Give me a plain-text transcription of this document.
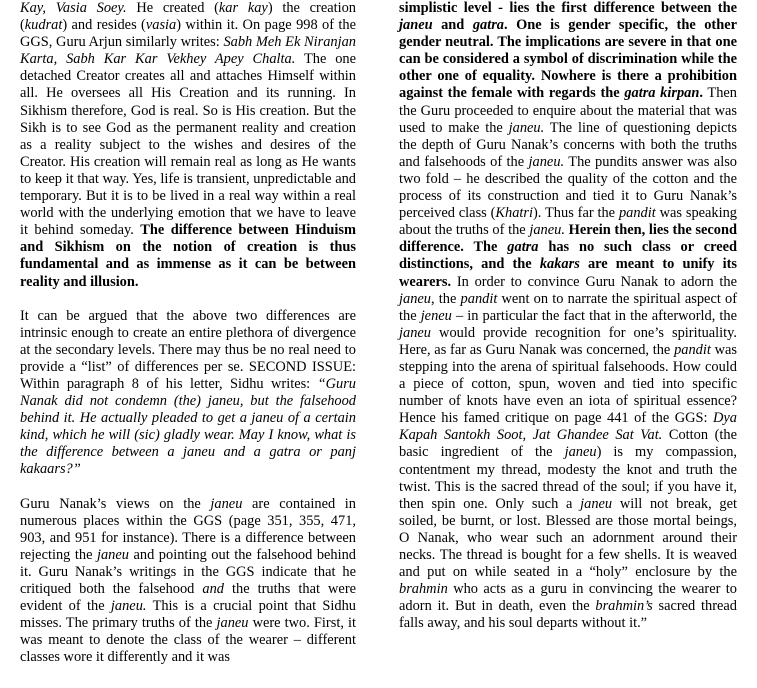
Kay, Vasia Soey. He created (kar kay) the creation (kudrat) and resides (vasia) within it. On page 998 of the GGS, Guru Arjun similarly writes: Sabh Meh Ek Niranjan Karta, Sabh Kar Kar Vekhey Apey Chalta. The one detached Creator creates all and attaches Himself within all. He oversees all His Creation and its running. In Sikhism therefore, God is real. So is His creation. But the Sikh is to see God as the permanent reality and creation as a reality subject to the wishes and desires of the Creator. His creation will remain real as long as He wants to keep it that way. Yes, life is transient, unpredictable and temporary. But it is to be lived in a real way within a real world with the underlying emotion that we have to leave it behind someday. The difference between Hinduism and Sikhism on the notion of creation is thus fundamental and as immense as it can be between reality and illusion.

It can be argued that the above two differences are intrinsic enough to create an entire plethora of divergence at the secondary levels. There may thus be no real need to provide a “list” of differences per se. SECOND ISSUE: Within paragraph 8 of his letter, Sidhu writes: “Guru Nanak did not condemn (the) janeu, but the falsehood behind it. He actually pleaded to get a janeu of a certain kind, which he will (sic) gladly wear. May I know, what is the difference between a janeu and a gatra or panj kakaars?”

Guru Nanak’s views on the janeu are contained in numerous places within the GGS (page 351, 355, 471, 903, and 951 for instance). There is a difference between rejecting the janeu and pointing out the falsehood behind it. Guru Nanak’s writings in the GGS indicate that he critiqued both the falsehood and the truths that were evident of the janeu. This is a crucial point that Sidhu misses. The primary truths of the janeu were two. First, it was meant to denote the class of the wearer – different classes wore it differently and it was

simplistic level - lies the first difference between the janeu and gatra. One is gender specific, the other gender neutral. The implications are severe in that one can be considered a symbol of discrimination while the other one of equality. Nowhere is there a prohibition against the female with regards the gatra kirpan. Then the Guru proceeded to enquire about the material that was used to make the janeu. The line of questioning depicts the depth of Guru Nanak’s concerns with both the truths and falsehoods of the janeu. The pundits answer was also two fold – he described the quality of the cotton and the process of its construction and tied it to Guru Nanak’s perceived class (Khatri). Thus far the pandit was speaking about the truths of the janeu. Herein then, lies the second difference. The gatra has no such class or creed distinctions, and the kakars are meant to unify its wearers. In order to convince Guru Nanak to adorn the janeu, the pandit went on to narrate the spiritual aspect of the jeneu – in particular the fact that in the afterworld, the janeu would provide recognition for one’s spirituality. Here, as far as Guru Nanak was concerned, the pandit was stepping into the arena of spiritual falsehoods. How could a piece of cotton, spun, woven and tied into specific number of knots have even an iota of spiritual essence? Hence his famed critique on page 441 of the GGS: Dya Kapah Santokh Soot, Jat Ghandee Sat Vat. Cotton (the basic ingredient of the janeu) is my compassion, contentment my thread, modesty the knot and truth the twist. This is the sacred thread of the soul; if you have it, then spin one. Only such a janeu will not break, get soiled, be burnt, or lost. Blessed are those mortal beings, O Nanak, who wear such an adornment around their necks. The thread is bought for a few shells. It is weaved and put on while seated in a “holy” enclosure by the brahmin who acts as a guru in convincing the wearer to adorn it. But in death, even the brahmin’s sacred thread falls away, and his soul departs without it.”
